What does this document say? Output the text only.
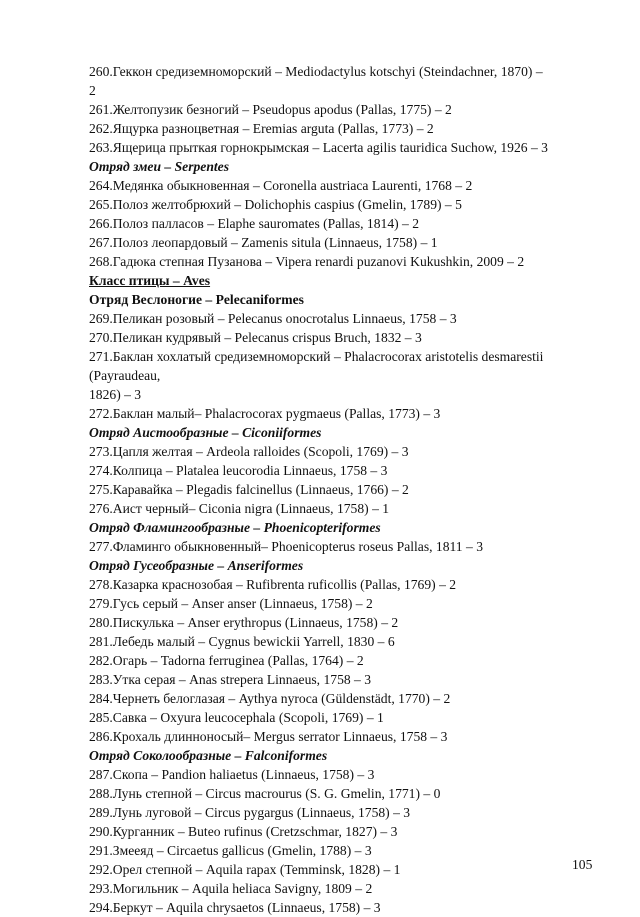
260.Геккон средиземноморский – Mediodactylus kotschyi (Steindachner, 1870) –
2
261.Желтопузик безногий – Pseudopus apodus (Pallas, 1775) – 2
262.Ящурка разноцветная – Eremias arguta (Pallas, 1773) – 2
263.Ящерица прыткая горнокрымская – Lacerta agilis tauridica Suchow, 1926 – 3
Отряд змеи – Serpentes
264.Медянка обыкновенная – Coronella austriaca Laurenti, 1768 – 2
265.Полоз желтобрюхий – Dolichophis caspius (Gmelin, 1789) – 5
266.Полоз палласов – Elaphe sauromates (Pallas, 1814) – 2
267.Полоз леопардовый – Zamenis situla (Linnaeus, 1758) – 1
268.Гадюка степная Пузанова – Vipera renardi puzanovi Kukushkin, 2009 – 2
Класс птицы – Aves
Отряд Веслоногие – Pelecaniformes
269.Пеликан розовый – Pelecanus onocrotalus Linnaeus, 1758 – 3
270.Пеликан кудрявый – Pelecanus crispus Bruch, 1832 – 3
271.Баклан хохлатый средиземноморский – Phalacrocorax aristotelis desmarestii
(Payraudeau,
1826) – 3
272.Баклан малый– Phalacrocorax pygmaeus (Pallas, 1773) – 3
Отряд Аистообразные – Ciconiiformes
273.Цапля желтая – Ardeola ralloides (Scopoli, 1769) – 3
274.Колпица – Platalea leucorodia Linnaeus, 1758 – 3
275.Каравайка – Plegadis falcinellus (Linnaeus, 1766) – 2
276.Аист черный– Ciconia nigra (Linnaeus, 1758) – 1
Отряд Фламингообразные – Phoenicopteriformes
277.Фламинго обыкновенный– Phoenicopterus roseus Pallas, 1811 – 3
Отряд Гусеобразные – Anseriformes
278.Казарка краснозобая – Rufibrenta ruficollis (Pallas, 1769) – 2
279.Гусь серый – Anser anser (Linnaeus, 1758) – 2
280.Пискулька – Anser erythropus (Linnaeus, 1758) – 2
281.Лебедь малый – Cygnus bewickii Yarrell, 1830 – 6
282.Огарь – Tadorna ferruginea (Pallas, 1764) – 2
283.Утка серая – Anas strepera Linnaeus, 1758 – 3
284.Чернеть белоглазая – Aythya nyroca (Güldenstädt, 1770) – 2
285.Савка – Oxyura leucocephala (Scopoli, 1769) – 1
286.Крохаль длинноносый– Mergus serrator Linnaeus, 1758 – 3
Отряд Соколообразные – Falconiformes
287.Скопа – Pandion haliaetus (Linnaeus, 1758) – 3
288.Лунь степной – Circus macrourus (S. G. Gmelin, 1771) – 0
289.Лунь луговой – Circus pygargus (Linnaeus, 1758) – 3
290.Курганник – Buteo rufinus (Cretzschmar, 1827) – 3
291.Змееяд – Circaetus gallicus (Gmelin, 1788) – 3
292.Орел степной – Aquila rapax (Temminsk, 1828) – 1
293.Могильник – Aquila heliaca Savigny, 1809 – 2
294.Беркут – Aquila chrysaetos (Linnaeus, 1758) – 3
105
